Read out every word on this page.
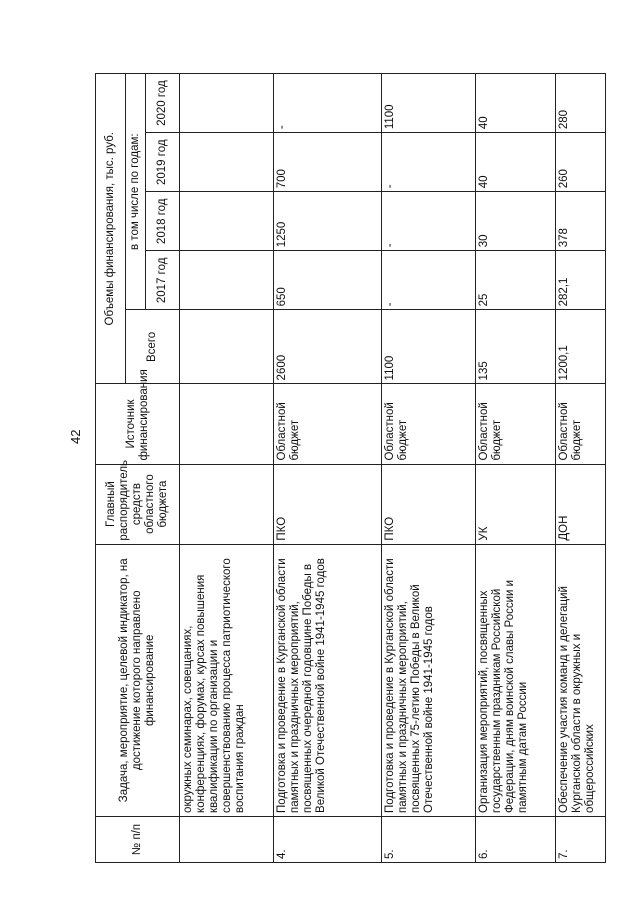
42
№ п/п	Задача, мероприятие, целевой индикатор, на достижение которого направлено финансирование	Главный распорядитель средств областного бюджета	Источник финансирования	Объемы финансирования, тыс. руб.				
				Всего	в том числе по годам:			
					2017 год	2018 год	2019 год	2020 год
	окружных семинарах, совещаниях, конференциях, форумах, курсах повышения квалификации по организации и совершенствованию процесса патриотического воспитания граждан							
4.	Подготовка и проведение в Курганской области памятных и праздничных мероприятий, посвященных очередной годовщине Победы в Великой Отечественной войне 1941-1945 годов	ПКО	Областной бюджет	2600	650	1250	700	-
5.	Подготовка и проведение в Курганской области памятных и праздничных мероприятий, посвященных 75-летию Победы в Великой Отечественной войне 1941-1945 годов	ПКО	Областной бюджет	1100	-	-	-	1100
6.	Организация мероприятий, посвященных государственным праздникам Российской Федерации, дням воинской славы России и памятным датам России	УК	Областной бюджет	135	25	30	40	40
7.	Обеспечение участия команд и делегаций Курганской области в окружных и общероссийских	ДОН	Областной бюджет	1200,1	282,1	378	260	280
